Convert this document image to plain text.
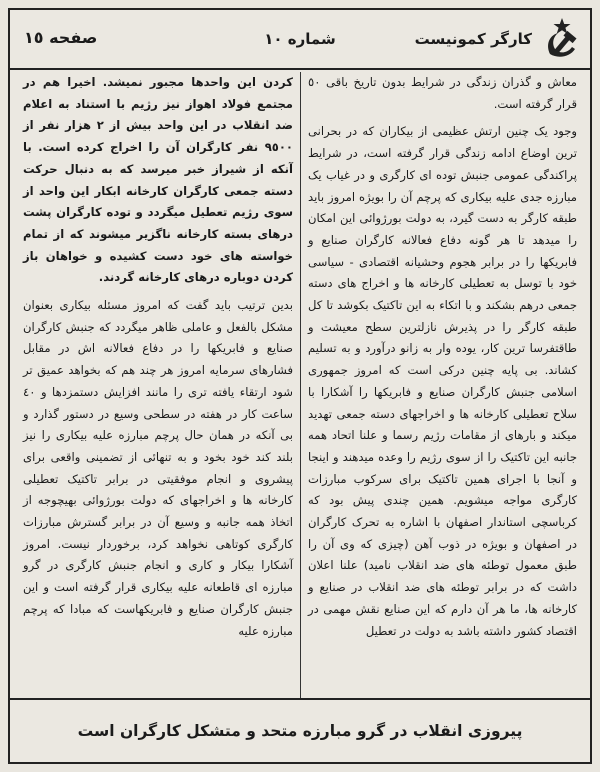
کارگر کمونیست
شماره ١٠
صفحه ١٥

معاش و گذران زندگی در شرایط بدون تاریخ باقی ٥٠ قرار گرفته است.

وجود یک چنین ارتش عظیمی از بیکاران که در بحرانی ترین اوضاع ادامه زندگی قرار گرفته است، در شرایط پراکندگی عمومی جنبش توده ای کارگری و در غیاب یک مبارزه جدی علیه بیکاری که پرچم آن را بویژه امروز باید طبقه کارگر به دست گیرد، به دولت بورژوائی این امکان را میدهد تا هر گونه دفاع فعالانه کارگران صنایع و فابریکها را در برابر هجوم وحشیانه اقتصادی - سیاسی خود با توسل به تعطیلی کارخانه ها و اخراج های دسته جمعی درهم بشکند و با اتکاء به این تاکتیک بکوشد تا کل طبقه کارگر را در پذیرش نازلترین سطح معیشت و طاقتفرسا ترین کار، یوده وار به زانو درآورد و به تسلیم کشاند. بی پایه چنین درکی است که امروز جمهوری اسلامی جنبش کارگران صنایع و فابریکها را آشکارا با سلاح تعطیلی کارخانه ها و اخراجهای دسته جمعی تهدید میکند و بارهای از مقامات رژیم رسما و علنا اتحاد همه جانبه این تاکتیک را از سوی رژیم را وعده میدهند و اینجا و آنجا با اجرای همین تاکتیک برای سرکوب مبارزات کارگری مواجه میشویم. همین چندی پیش بود که کرباسچی استاندار اصفهان با اشاره به تحرک کارگران در اصفهان و بویژه در ذوب آهن (چیزی که وی آن را طبق معمول توطئه های ضد انقلاب نامید) علنا اعلان داشت که در برابر توطئه های ضد انقلاب در صنایع و کارخانه ها، ما هر آن دارم که این صنایع نقش مهمی در اقتصاد کشور داشته باشد به دولت در تعطیل

کردن این واحدها مجبور نمیشد. اخیرا هم در مجتمع فولاد اهواز نیز رژیم با استناد به اعلام ضد انقلاب در این واحد بیش از ٢ هزار نفر از ٩٥٠٠ نفر کارگران آن را اخراج کرده است. با آنکه از شیراز خبر میرسد که به دنبال حرکت دسته جمعی کارگران کارخانه ابکار این واحد از سوی رژیم تعطیل میگردد و توده کارگران پشت درهای بسته کارخانه ناگزیر میشوند که از تمام خواسته های خود دست کشیده و خواهان باز کردن دوباره درهای کارخانه گردند.

بدین ترتیب باید گفت که امروز مسئله بیکاری بعنوان مشکل بالفعل و عاملی ظاهر میگردد که جنبش کارگران صنایع و فابریکها را در دفاع فعالانه اش در مقابل فشارهای سرمایه امروز هر چند هم که بخواهد عمیق تر شود ارتقاء یافته تری را مانند افزایش دستمزدها و ٤٠ ساعت کار در هفته در سطحی وسیع در دستور گذارد و بی آنکه در همان حال پرچم مبارزه علیه بیکاری را نیز بلند کند خود بخود و به تنهائی از تضمینی واقعی برای پیشروی و انجام موفقیتی در برابر تاکتیک تعطیلی کارخانه ها و اخراجهای که دولت بورژوائی بهیچوجه از اتخاذ همه جانبه و وسیع آن در برابر گسترش مبارزات کارگری کوتاهی نخواهد کرد، برخوردار نیست. امروز آشکارا بیکار و کاری و انجام جنبش کارگری در گرو مبارزه ای قاطعانه علیه بیکاری قرار گرفته است و این جنبش کارگران صنایع و فابریکهاست که مبادا که پرچم مبارزه علیه

پیروزی انقلاب در گرو مبارزه متحد و متشکل کارگران است
